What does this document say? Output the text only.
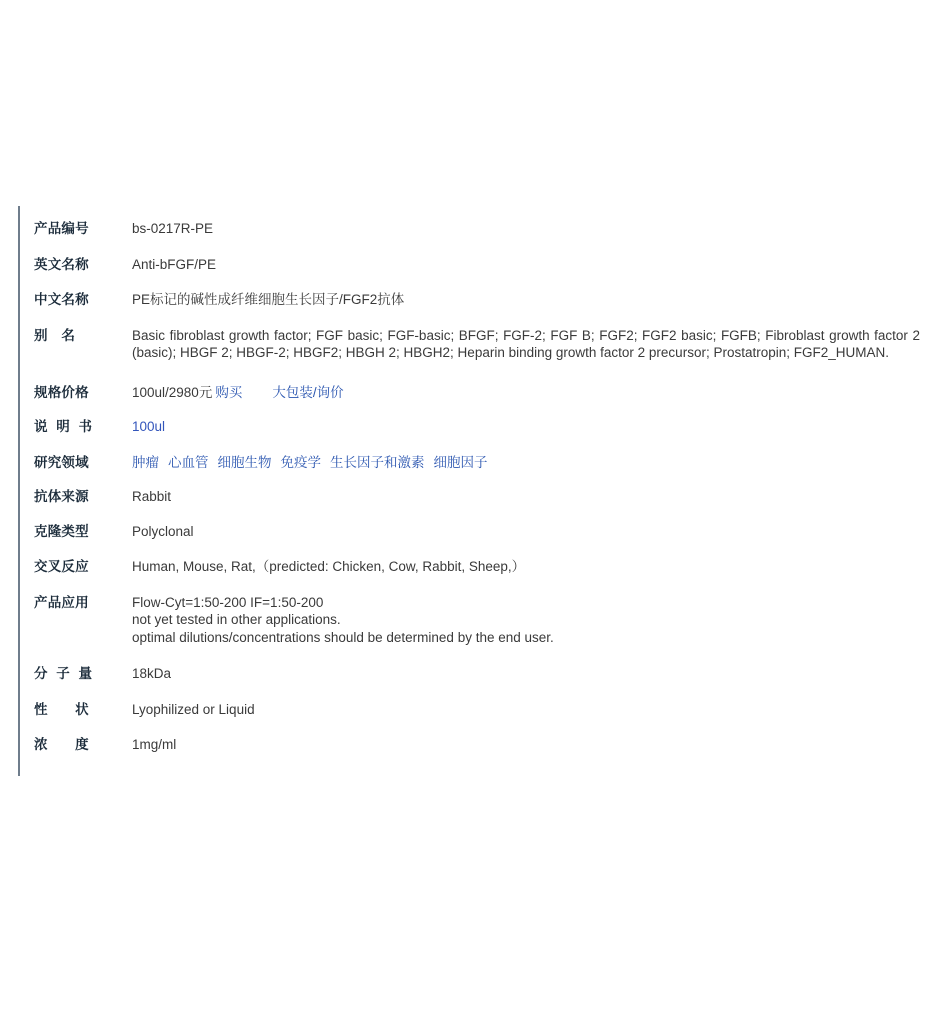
产品编号	bs-0217R-PE
英文名称	Anti-bFGF/PE
中文名称	PE标记的碱性成纤维细胞生长因子/FGF2抗体
别　名	Basic fibroblast growth factor; FGF basic; FGF-basic; BFGF; FGF-2; FGF B; FGF2; FGF2 basic; FGFB; Fibroblast growth factor 2 (basic); HBGF 2; HBGF-2; HBGF2; HBGH 2; HBGH2; Heparin binding growth factor 2 precursor; Prostatropin; FGF2_HUMAN.
规格价格	100ul/2980元 购买 大包装/询价
说 明 书	100ul
研究领域	肿瘤 心血管 细胞生物 免疫学 生长因子和激素 细胞因子
抗体来源	Rabbit
克隆类型	Polyclonal
交叉反应	Human, Mouse, Rat,（predicted: Chicken, Cow, Rabbit, Sheep,）
产品应用	Flow-Cyt=1:50-200 IF=1:50-200
not yet tested in other applications.
optimal dilutions/concentrations should be determined by the end user.
分 子 量	18kDa
性　　状	Lyophilized or Liquid
浓　　度	1mg/ml
